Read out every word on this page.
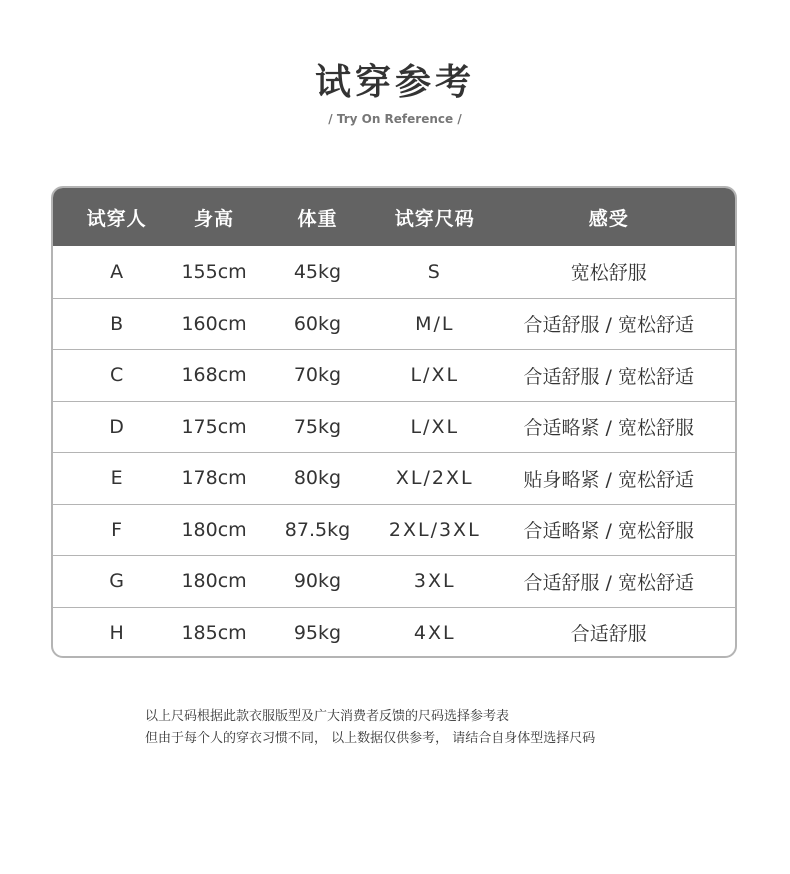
试穿参考
/ Try On Reference /
试穿人	身高	体重	试穿尺码	感受
A	155cm	45kg	S	宽松舒服
B	160cm	60kg	M/L	合适舒服 / 宽松舒适
C	168cm	70kg	L/XL	合适舒服 / 宽松舒适
D	175cm	75kg	L/XL	合适略紧 / 宽松舒服
E	178cm	80kg	XL/2XL	贴身略紧 / 宽松舒适
F	180cm	87.5kg	2XL/3XL	合适略紧 / 宽松舒服
G	180cm	90kg	3XL	合适舒服 / 宽松舒适
H	185cm	95kg	4XL	合适舒服
以上尺码根据此款衣服版型及广大消费者反馈的尺码选择参考表
但由于每个人的穿衣习惯不同， 以上数据仅供参考， 请结合自身体型选择尺码
